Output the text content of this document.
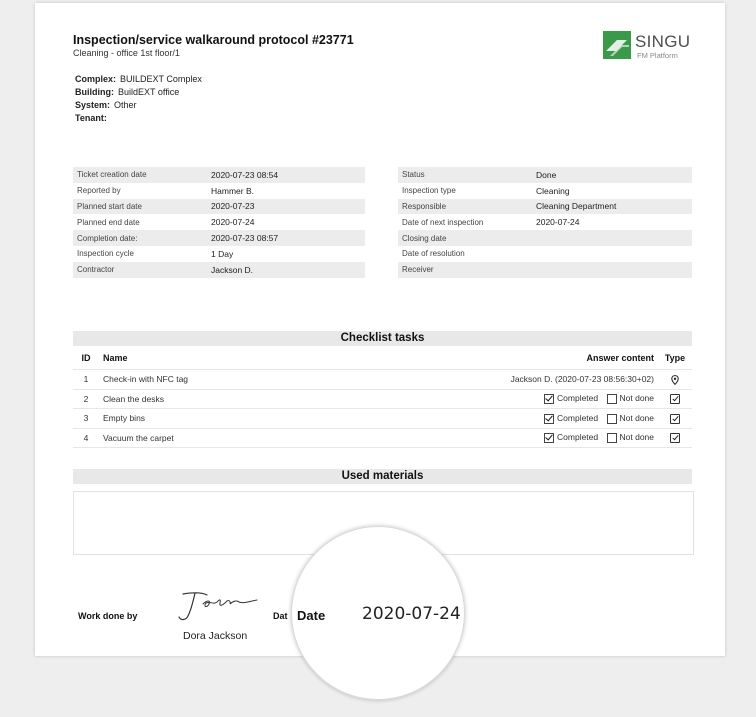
Inspection/service walkaround protocol #23771
Cleaning - office 1st floor/1
SINGU
FM Platform
Complex: BUILDEXT Complex
Building: BuildEXT office
System: Other
Tenant:
Ticket creation date	2020-07-23 08:54
Reported by	Hammer B.
Planned start date	2020-07-23
Planned end date	2020-07-24
Completion date:	2020-07-23 08:57
Inspection cycle	1 Day
Contractor	Jackson D.
Status	Done
Inspection type	Cleaning
Responsible	Cleaning Department
Date of next inspection	2020-07-24
Closing date	
Date of resolution	
Receiver	
Checklist tasks
ID	Name	Answer content	Type
1	Check-in with NFC tag	Jackson D. (2020-07-23 08:56:30+02)	
2	Clean the desks	Completed Not done	
3	Empty bins	Completed Not done	
4	Vacuum the carpet	Completed Not done	
Used materials
Work done by
Dora Jackson
Dat Date 2020-07-24
